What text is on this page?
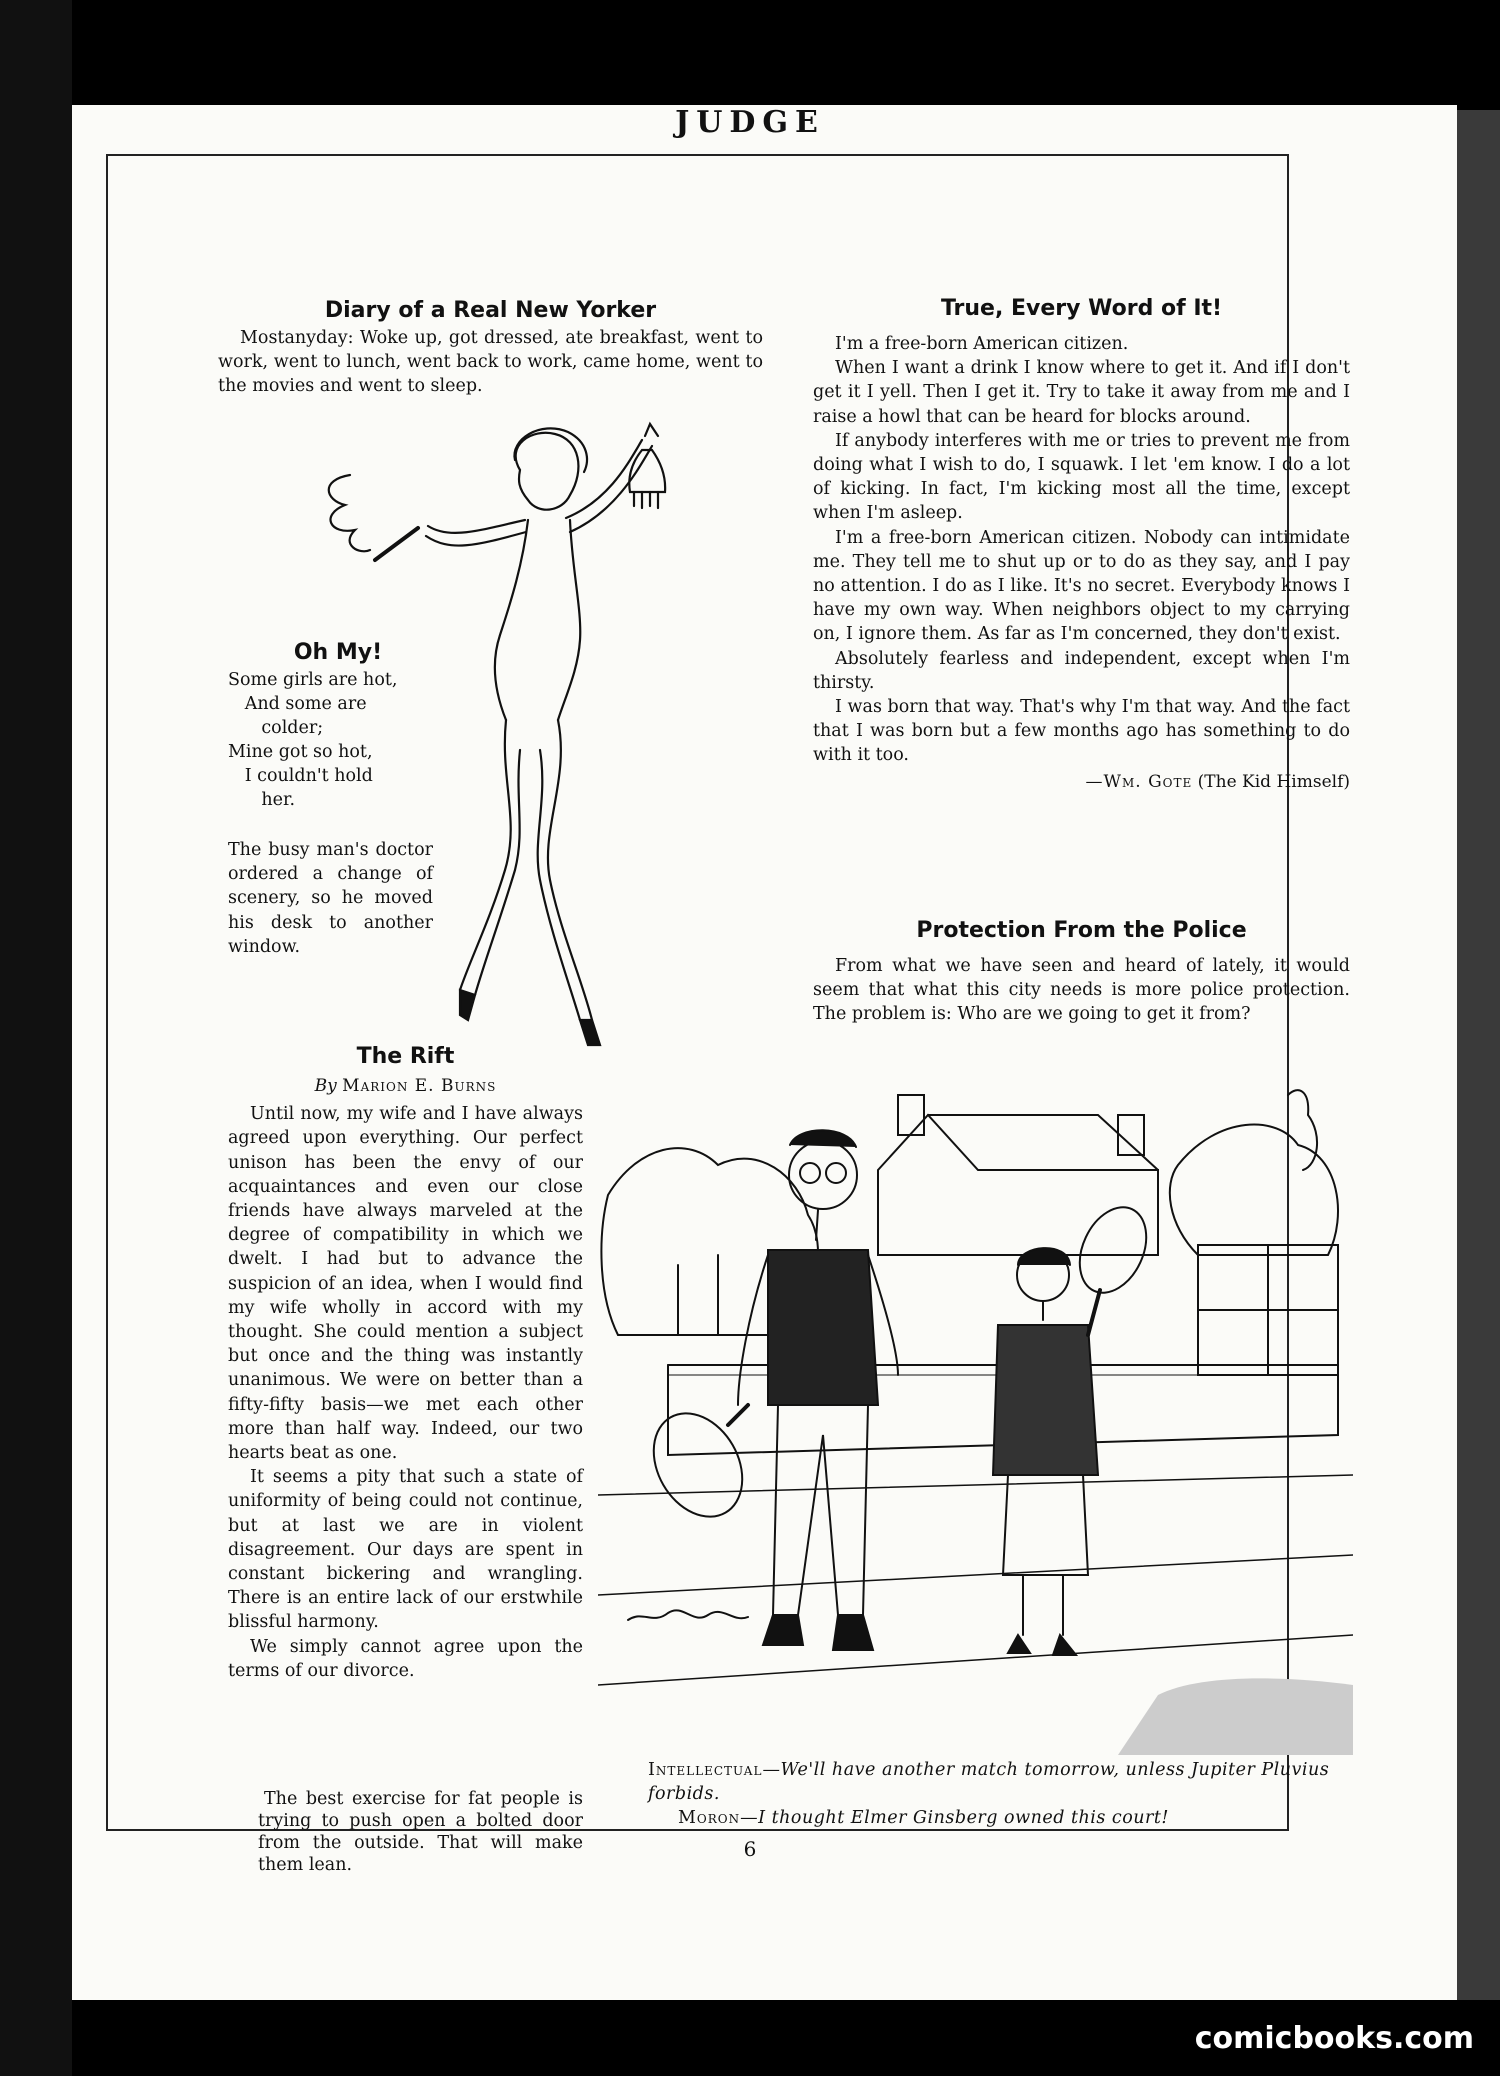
JUDGE
Diary of a Real New Yorker

Mostanyday: Woke up, got dressed, ate breakfast, went to work, went to lunch, went back to work, came home, went to the movies and went to sleep.

Oh My!
Some girls are hot,
And some are
colder;
Mine got so hot,
I couldn't hold
her.

The busy man's doctor ordered a change of scenery, so he moved his desk to another window.

The Rift
By Marion E. Burns

Until now, my wife and I have always agreed upon everything. Our perfect unison has been the envy of our acquaintances and even our close friends have always marveled at the degree of compatibility in which we dwelt. I had but to advance the suspicion of an idea, when I would find my wife wholly in accord with my thought. She could mention a subject but once and the thing was instantly unanimous. We were on better than a fifty-fifty basis—we met each other more than half way. Indeed, our two hearts beat as one.

It seems a pity that such a state of uniformity of being could not continue, but at last we are in violent disagreement. Our days are spent in constant bickering and wrangling. There is an entire lack of our erstwhile blissful harmony.

We simply cannot agree upon the terms of our divorce.

The best exercise for fat people is trying to push open a bolted door from the outside. That will make them lean.

True, Every Word of It!

I'm a free-born American citizen.

When I want a drink I know where to get it. And if I don't get it I yell. Then I get it. Try to take it away from me and I raise a howl that can be heard for blocks around.

If anybody interferes with me or tries to prevent me from doing what I wish to do, I squawk. I let 'em know. I do a lot of kicking. In fact, I'm kicking most all the time, except when I'm asleep.

I'm a free-born American citizen. Nobody can intimidate me. They tell me to shut up or to do as they say, and I pay no attention. I do as I like. It's no secret. Everybody knows I have my own way. When neighbors object to my carrying on, I ignore them. As far as I'm concerned, they don't exist.

Absolutely fearless and independent, except when I'm thirsty.

I was born that way. That's why I'm that way. And the fact that I was born but a few months ago has something to do with it too.

—Wm. Gote (The Kid Himself)
Protection From the Police

From what we have seen and heard of lately, it would seem that what this city needs is more police protection. The problem is: Who are we going to get it from?

Intellectual—We'll have another match tomorrow, unless Jupiter Pluvius forbids.
Moron—I thought Elmer Ginsberg owned this court!
6
comicbooks.com
